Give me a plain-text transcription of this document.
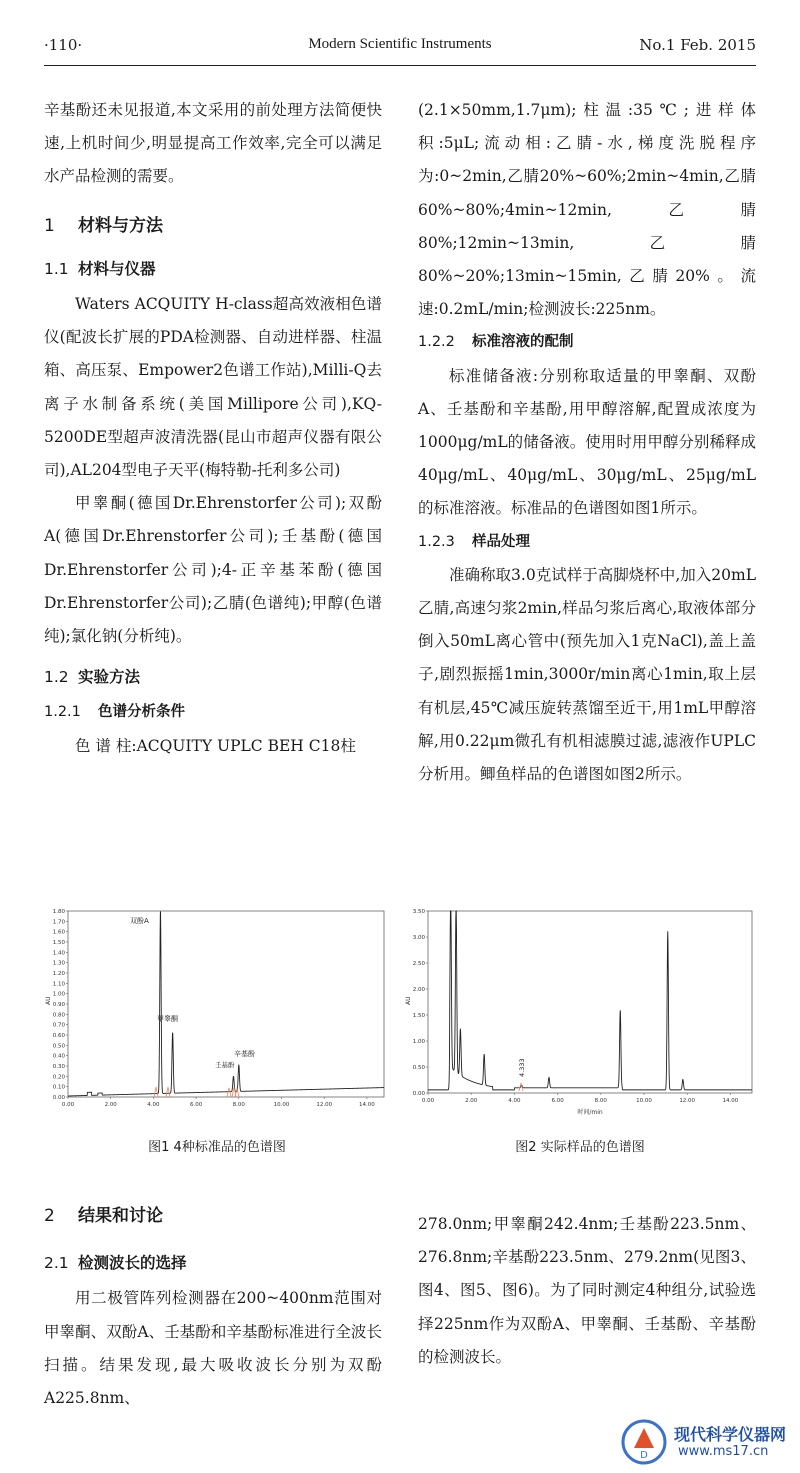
Modern Scientific Instruments
·110·	No.1 Feb. 2015

辛基酚还未见报道,本文采用的前处理方法简便快速,上机时间少,明显提高工作效率,完全可以满足水产品检测的需要。

1 材料与方法
1.1 材料与仪器

Waters ACQUITY H-class超高效液相色谱仪(配波长扩展的PDA检测器、自动进样器、柱温箱、高压泵、Empower2色谱工作站),Milli-Q去离子水制备系统(美国Millipore公司),KQ-5200DE型超声波清洗器(昆山市超声仪器有限公司),AL204型电子天平(梅特勒-托利多公司)

甲睾酮(德国Dr.Ehrenstorfer公司);双酚A(德国Dr.Ehrenstorfer公司);壬基酚(德国Dr.Ehrenstorfer公司);4-正辛基苯酚(德国Dr.Ehrenstorfer公司);乙腈(色谱纯);甲醇(色谱纯);氯化钠(分析纯)。

1.2 实验方法
1.2.1 色谱分析条件

色 谱 柱:ACQUITY UPLC BEH C18柱

(2.1×50mm,1.7μm);柱温:35℃;进样体积:5μL;流动相:乙腈-水,梯度洗脱程序为:0~2min,乙腈20%~60%;2min~4min,乙腈60%~80%;4min~12min,乙腈80%;12min~13min,乙腈80%~20%;13min~15min,乙腈20%。流速:0.2mL/min;检测波长:225nm。

1.2.2 标准溶液的配制

标准储备液:分别称取适量的甲睾酮、双酚A、壬基酚和辛基酚,用甲醇溶解,配置成浓度为1000μg/mL的储备液。使用时用甲醇分别稀释成40μg/mL、40μg/mL、30μg/mL、25μg/mL的标准溶液。标准品的色谱图如图1所示。

1.2.3 样品处理

准确称取3.0克试样于高脚烧杯中,加入20mL乙腈,高速匀浆2min,样品匀浆后离心,取液体部分倒入50mL离心管中(预先加入1克NaCl),盖上盖子,剧烈振摇1min,3000r/min离心1min,取上层有机层,45℃减压旋转蒸馏至近干,用1mL甲醇溶解,用0.22μm微孔有机相滤膜过滤,滤液作UPLC分析用。鲫鱼样品的色谱图如图2所示。

AU
1.80
1.70
1.60
1.50
1.40
1.30
1.20
1.10
1.00
0.90
0.80
0.70
0.60
0.50
0.40
0.30
0.20
0.10
0.00
0.00	2.00	4.00	6.00	8.00	10.00	12.00	14.00
双酚A
甲睾酮
壬基酚
辛基酚
AU
3.50
3.00
2.50
2.00
1.50
1.00
0.50
0.00
0.00	2.00	4.00	6.00	8.00	10.00	12.00	14.00
时间/min
4.333
图1 4种标准品的色谱图	图2 实际样品的色谱图
2 结果和讨论
2.1 检测波长的选择

用二极管阵列检测器在200~400nm范围对甲睾酮、双酚A、壬基酚和辛基酚标准进行全波长扫描。结果发现,最大吸收波长分别为双酚A225.8nm、

278.0nm;甲睾酮242.4nm;壬基酚223.5nm、276.8nm;辛基酚223.5nm、279.2nm(见图3、图4、图5、图6)。为了同时测定4种组分,试验选择225nm作为双酚A、甲睾酮、壬基酚、辛基酚的检测波长。

D
现代科学仪器网
www.ms17.cn
